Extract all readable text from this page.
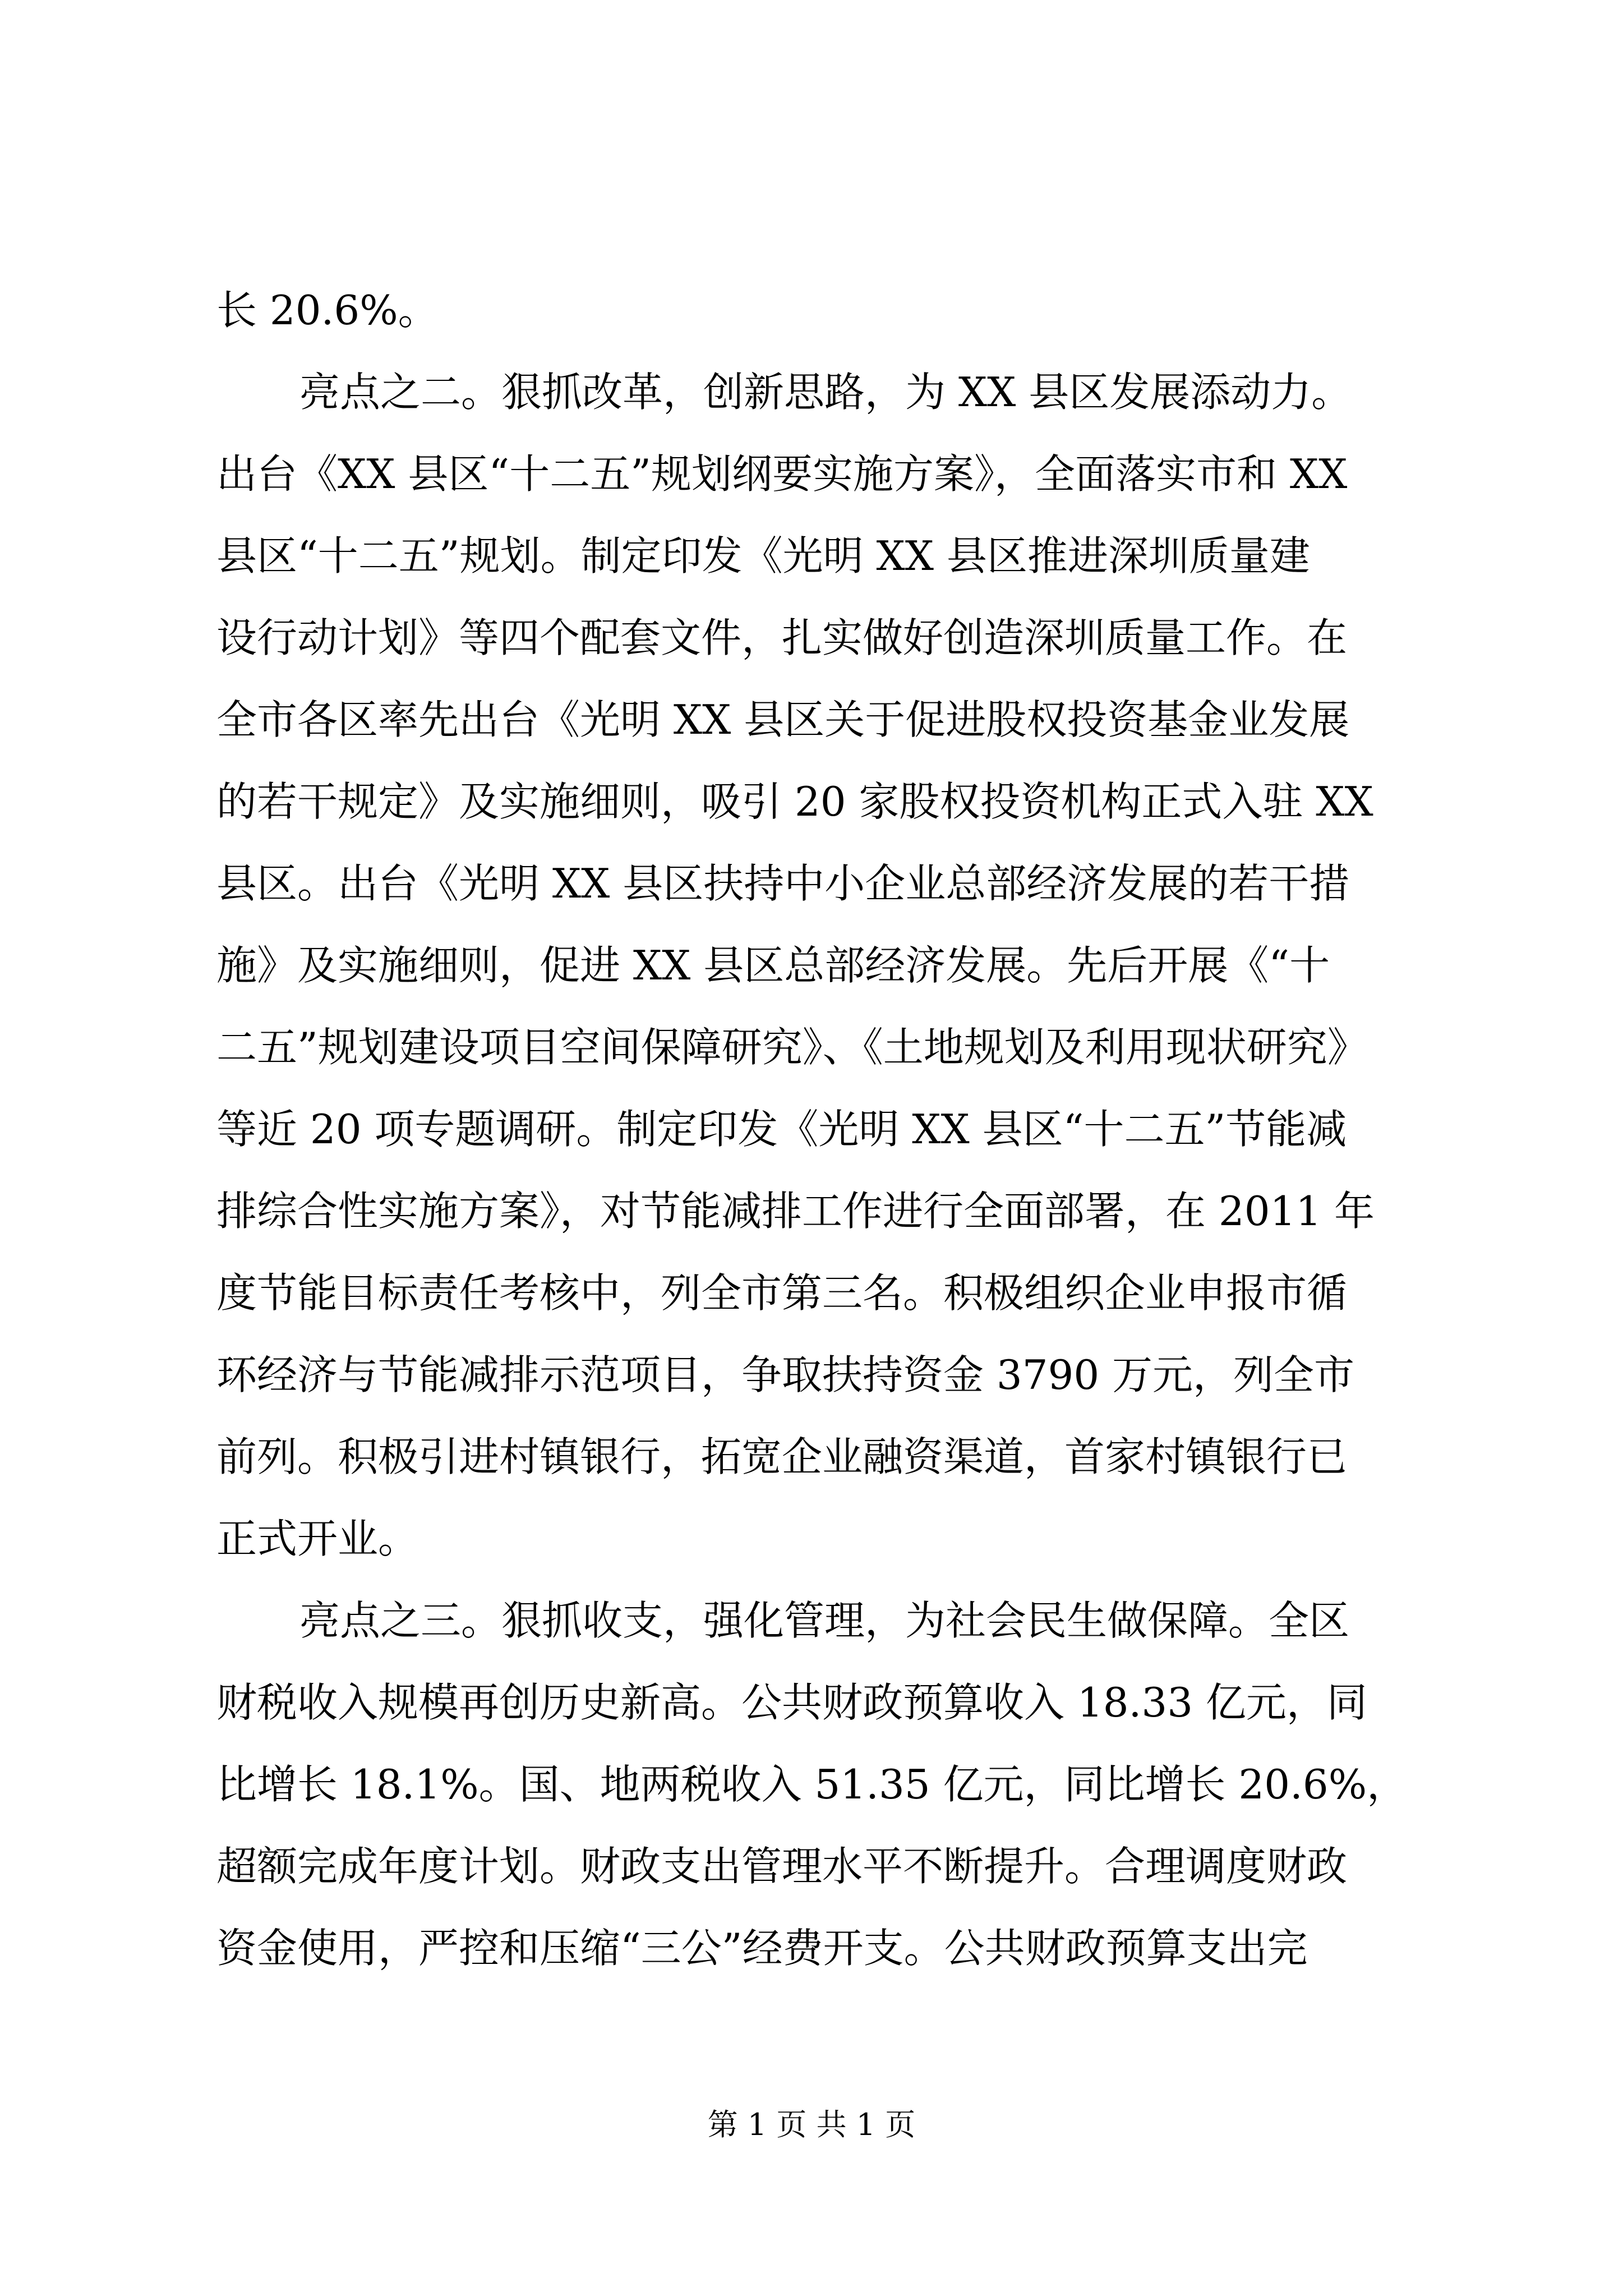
长 20.6%。
亮点之二。狠抓改革，创新思路，为 XX 县区发展添动力。
出台《XX 县区“十二五”规划纲要实施方案》，全面落实市和 XX
县区“十二五”规划。制定印发《光明 XX 县区推进深圳质量建
设行动计划》等四个配套文件，扎实做好创造深圳质量工作。在
全市各区率先出台《光明 XX 县区关于促进股权投资基金业发展
的若干规定》及实施细则，吸引 20 家股权投资机构正式入驻 XX
县区。出台《光明 XX 县区扶持中小企业总部经济发展的若干措
施》及实施细则，促进 XX 县区总部经济发展。先后开展《“十
二五”规划建设项目空间保障研究》、《土地规划及利用现状研究》
等近 20 项专题调研。制定印发《光明 XX 县区“十二五”节能减
排综合性实施方案》，对节能减排工作进行全面部署，在 2011 年
度节能目标责任考核中，列全市第三名。积极组织企业申报市循
环经济与节能减排示范项目，争取扶持资金 3790 万元，列全市
前列。积极引进村镇银行，拓宽企业融资渠道，首家村镇银行已
正式开业。
亮点之三。狠抓收支，强化管理，为社会民生做保障。全区
财税收入规模再创历史新高。公共财政预算收入 18.33 亿元，同
比增长 18.1%。国、地两税收入 51.35 亿元，同比增长 20.6%，
超额完成年度计划。财政支出管理水平不断提升。合理调度财政
资金使用，严控和压缩“三公”经费开支。公共财政预算支出完
第 1 页 共 1 页
